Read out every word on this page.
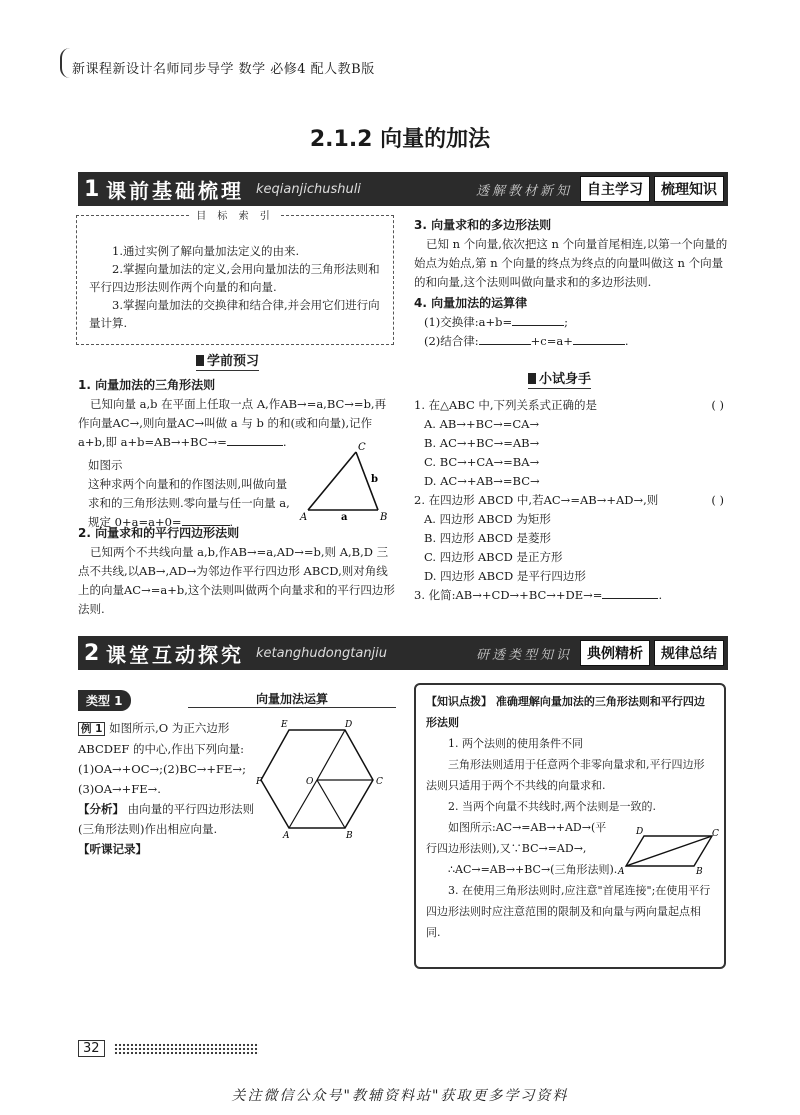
新课程新设计名师同步导学 数学 必修4 配人教B版
2.1.2 向量的加法
1 课前基础梳理 keqianjichushuli	透解教材新知	自主学习	梳理知识
目 标 索 引

1.通过实例了解向量加法定义的由来.

2.掌握向量加法的定义,会用向量加法的三角形法则和平行四边形法则作两个向量的和向量.

3.掌握向量加法的交换律和结合律,并会用它们进行向量计算.

学前预习

1. 向量加法的三角形法则

已知向量 a,b 在平面上任取一点 A,作AB→=a,BC→=b,再作向量AC→,则向量AC→叫做 a 与 b 的和(或和向量),记作 a+b,即 a+b=AB→+BC→=	.

如图示

这种求两个向量和的作图法则,叫做向量求和的三角形法则.零向量与任一向量 a,规定 0+a=a+0=	.

C
b
A	a	B

2. 向量求和的平行四边形法则

已知两个不共线向量 a,b,作AB→=a,AD→=b,则 A,B,D 三点不共线,以AB→,AD→为邻边作平行四边形 ABCD,则对角线上的向量AC→=a+b,这个法则叫做两个向量求和的平行四边形法则.

3. 向量求和的多边形法则

已知 n 个向量,依次把这 n 个向量首尾相连,以第一个向量的始点为始点,第 n 个向量的终点为终点的向量叫做这 n 个向量的和向量,这个法则叫做向量求和的多边形法则.

4. 向量加法的运算律

(1)交换律:a+b=	;

(2)结合律:	+c=a+	.

小试身手

1. 在△ABC 中,下列关系式正确的是	( )

A. AB→+BC→=CA→

B. AC→+BC→=AB→

C. BC→+CA→=BA→

D. AC→+AB→=BC→

2. 在四边形 ABCD 中,若AC→=AB→+AD→,则	( )

A. 四边形 ABCD 为矩形

B. 四边形 ABCD 是菱形

C. 四边形 ABCD 是正方形

D. 四边形 ABCD 是平行四边形

3. 化简:AB→+CD→+BC→+DE→=	.

2 课堂互动探究 ketanghudongtanjiu	研透类型知识	典例精析	规律总结
类型 1	向量加法运算

例 1 如图所示,O 为正六边形 ABCDEF 的中心,作出下列向量:

(1)OA→+OC→;(2)BC→+FE→;

(3)OA→+FE→.

【分析】 由向量的平行四边形法则(三角形法则)作出相应向量.

【听课记录】

E	D
F	O	C
A	B

【知识点拨】 准确理解向量加法的三角形法则和平行四边形法则

1. 两个法则的使用条件不同

三角形法则适用于任意两个非零向量求和,平行四边形法则只适用于两个不共线的向量求和.

2. 当两个向量不共线时,两个法则是一致的.

如图所示:AC→=AB→+AD→(平行四边形法则),又∵BC→=AD→,

∴AC→=AB→+BC→(三角形法则).

3. 在使用三角形法则时,应注意"首尾连接";在使用平行四边形法则时应注意范围的限制及和向量与两向量起点相同.

D	C
A	B
32
关注微信公众号"教辅资料站"获取更多学习资料
